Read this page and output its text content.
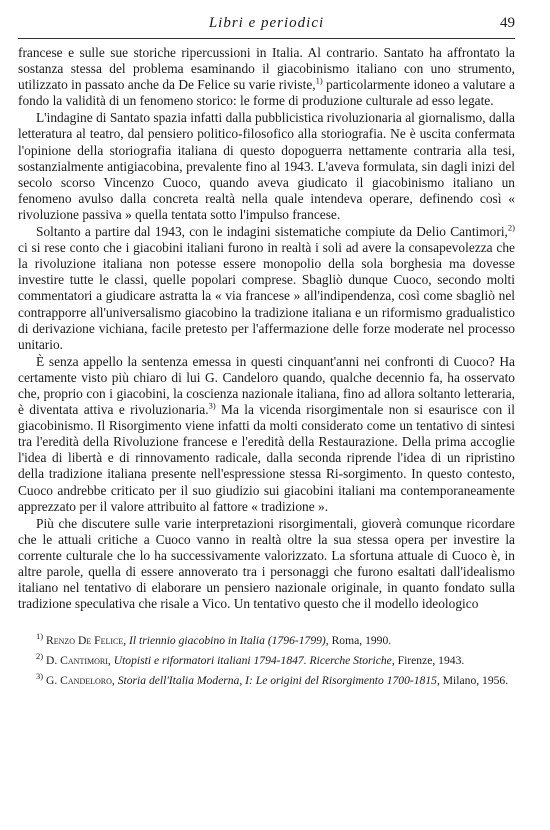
Libri e periodici	49

francese e sulle sue storiche ripercussioni in Italia. Al contrario. Santato ha affrontato la sostanza stessa del problema esaminando il giacobinismo italiano con uno strumento, utilizzato in passato anche da De Felice su varie riviste,$^{1)}$ particolarmente idoneo a valutare a fondo la validità di un fenomeno storico: le forme di produzione culturale ad esso legate.

L'indagine di Santato spazia infatti dalla pubblicistica rivoluzionaria al giornalismo, dalla letteratura al teatro, dal pensiero politico-filosofico alla storiografia. Ne è uscita confermata l'opinione della storiografia italiana di questo dopoguerra nettamente contraria alla tesi, sostanzialmente antigiacobina, prevalente fino al 1943. L'aveva formulata, sin dagli inizi del secolo scorso Vincenzo Cuoco, quando aveva giudicato il giacobinismo italiano un fenomeno avulso dalla concreta realtà nella quale intendeva operare, definendo così « rivoluzione passiva » quella tentata sotto l'impulso francese.

Soltanto a partire dal 1943, con le indagini sistematiche compiute da Delio Cantimori,$^{2)}$ ci si rese conto che i giacobini italiani furono in realtà i soli ad avere la consapevolezza che la rivoluzione italiana non potesse essere monopolio della sola borghesia ma dovesse investire tutte le classi, quelle popolari comprese. Sbagliò dunque Cuoco, secondo molti commentatori a giudicare astratta la « via francese » all'indipendenza, così come sbagliò nel contrapporre all'universalismo giacobino la tradizione italiana e un riformismo gradualistico di derivazione vichiana, facile pretesto per l'affermazione delle forze moderate nel processo unitario.

È senza appello la sentenza emessa in questi cinquant'anni nei confronti di Cuoco? Ha certamente visto più chiaro di lui G. Candeloro quando, qualche decennio fa, ha osservato che, proprio con i giacobini, la coscienza nazionale italiana, fino ad allora soltanto letteraria, è diventata attiva e rivoluzionaria.$^{3)}$ Ma la vicenda risorgimentale non si esaurisce con il giacobinismo. Il Risorgimento viene infatti da molti considerato come un tentativo di sintesi tra l'eredità della Rivoluzione francese e l'eredità della Restaurazione. Della prima accoglie l'idea di libertà e di rinnovamento radicale, dalla seconda riprende l'idea di un ripristino della tradizione italiana presente nell'espressione stessa Ri-sorgimento. In questo contesto, Cuoco andrebbe criticato per il suo giudizio sui giacobini italiani ma contemporaneamente apprezzato per il valore attribuito al fattore « tradizione ».

Più che discutere sulle varie interpretazioni risorgimentali, gioverà comunque ricordare che le attuali critiche a Cuoco vanno in realtà oltre la sua stessa opera per investire la corrente culturale che lo ha successivamente valorizzato. La sfortuna attuale di Cuoco è, in altre parole, quella di essere annoverato tra i personaggi che furono esaltati dall'idealismo italiano nel tentativo di elaborare un pensiero nazionale originale, in quanto fondato sulla tradizione speculativa che risale a Vico. Un tentativo questo che il modello ideologico

$^{1)}$ Renzo De Felice, Il triennio giacobino in Italia (1796-1799), Roma, 1990.
$^{2)}$ D. Cantimori, Utopisti e riformatori italiani 1794-1847. Ricerche Storiche, Firenze, 1943.
$^{3)}$ G. Candeloro, Storia dell'Italia Moderna, I: Le origini del Risorgimento 1700-1815, Milano, 1956.
